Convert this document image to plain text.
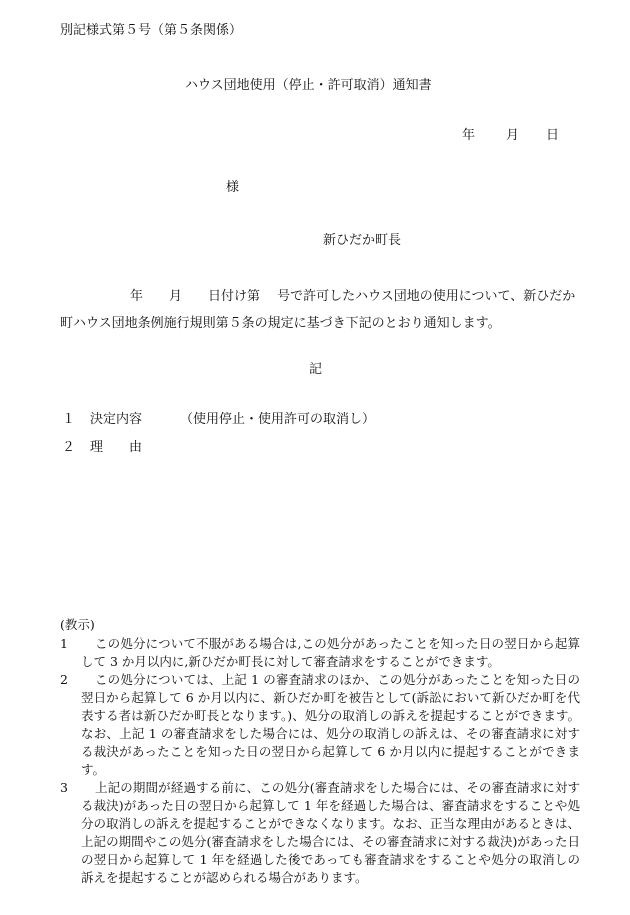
別記様式第５号（第５条関係）
ハウス団地使用（停止・許可取消）通知書
年 月 日
様
新ひだか町長
年　　月　　日付け第　 号で許可したハウス団地の使用について、新ひだか町ハウス団地条例施行規則第５条の規定に基づき下記のとおり通知します。
記
１ 決定内容	（使用停止・使用許可の取消し）
２ 理　　由
(教示)
1	この処分について不服がある場合は,この処分があったことを知った日の翌日から起算して 3 か月以内に,新ひだか町長に対して審査請求をすることができます。
2	この処分については、上記 1 の審査請求のほか、この処分があったことを知った日の翌日から起算して 6 か月以内に、新ひだか町を被告として(訴訟において新ひだか町を代表する者は新ひだか町長となります。)、処分の取消しの訴えを提起することができます。なお、上記 1 の審査請求をした場合には、処分の取消しの訴えは、その審査請求に対する裁決があったことを知った日の翌日から起算して 6 か月以内に提起することができます。
3	上記の期間が経過する前に、この処分(審査請求をした場合には、その審査請求に対する裁決)があった日の翌日から起算して 1 年を経過した場合は、審査請求をすることや処分の取消しの訴えを提起することができなくなります。なお、正当な理由があるときは、上記の期間やこの処分(審査請求をした場合には、その審査請求に対する裁決)があった日の翌日から起算して 1 年を経過した後であっても審査請求をすることや処分の取消しの訴えを提起することが認められる場合があります。
